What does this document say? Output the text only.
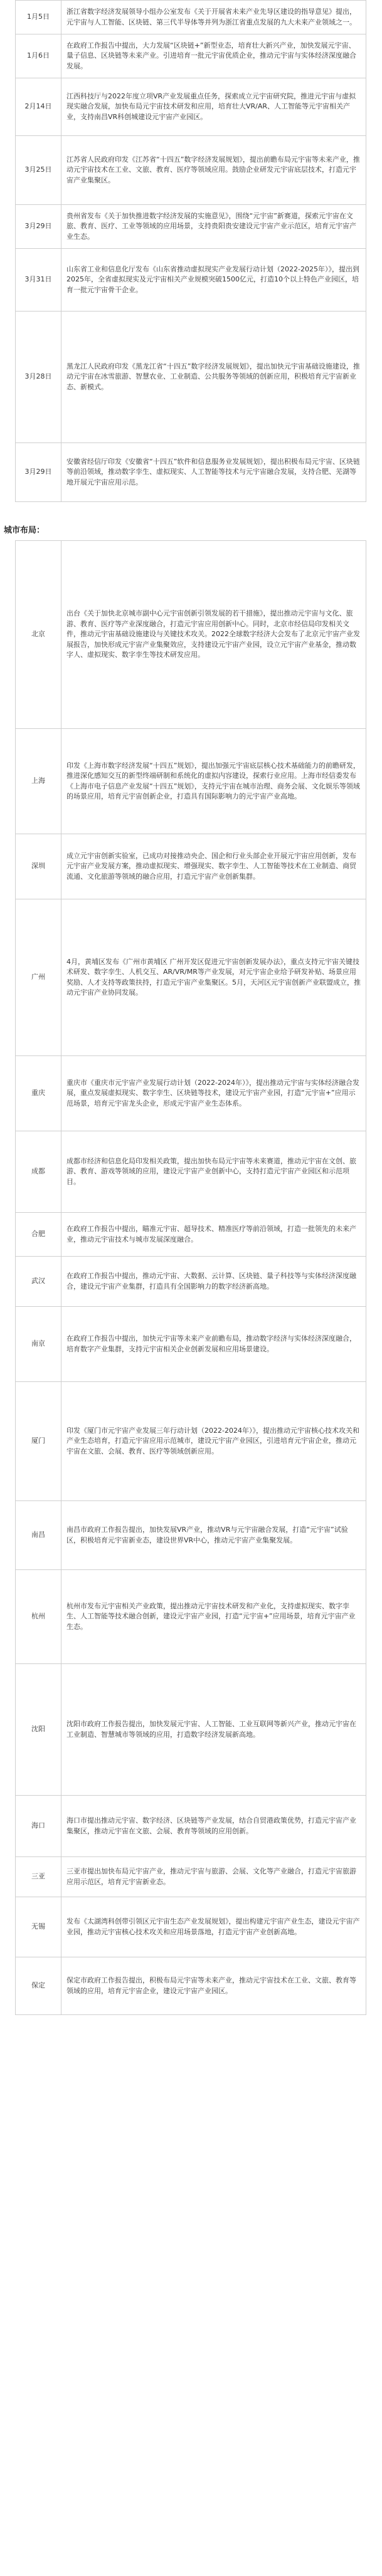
1月5日	浙江省数字经济发展领导小组办公室发布《关于开展省未来产业先导区建设的指导意见》提出，元宇宙与人工智能、区块链、第三代半导体等并列为浙江省重点发展的九大未来产业领域之一。
1月6日	在政府工作报告中提出，大力发展“区块链+”新型业态，培育壮大新兴产业，加快发展元宇宙、量子信息、区块链等未来产业。引进培育一批元宇宙优质企业，推动元宇宙与实体经济深度融合发展。
2月14日	江西科技厅与2022年度立项VR产业发展重点任务，探索成立元宇宙研究院，推进元宇宙与虚拟现实融合发展，加快布局元宇宙技术研发和应用，培育壮大VR/AR、人工智能等元宇宙相关产业，支持南昌VR科创城建设元宇宙产业园区。
3月25日	江苏省人民政府印发《江苏省“十四五”数字经济发展规划》，提出前瞻布局元宇宙等未来产业，推动元宇宙技术在工业、文旅、教育、医疗等领域应用。鼓励企业研发元宇宙底层技术，打造元宇宙产业集聚区。
3月29日	贵州省发布《关于加快推进数字经济发展的实施意见》，围绕“元宇宙”新赛道，探索元宇宙在文旅、教育、医疗、工业等领域的应用场景，支持贵阳贵安建设元宇宙产业示范区，培育元宇宙产业生态。
3月31日	山东省工业和信息化厅发布《山东省推动虚拟现实产业发展行动计划（2022-2025年）》，提出到2025年，全省虚拟现实及元宇宙相关产业规模突破1500亿元，打造10个以上特色产业园区，培育一批元宇宙骨干企业。
3月28日	黑龙江人民政府印发《黑龙江省“十四五”数字经济发展规划》，提出加快元宇宙基础设施建设，推动元宇宙在冰雪旅游、智慧农业、工业制造、公共服务等领域的创新应用，积极培育元宇宙新业态、新模式。
3月29日	安徽省经信厅印发《安徽省“十四五”软件和信息服务业发展规划》，提出积极布局元宇宙、区块链等前沿领域，推动数字孪生、虚拟现实、人工智能等技术与元宇宙融合发展，支持合肥、芜湖等地开展元宇宙应用示范。
城市布局：
北京	出台《关于加快北京城市副中心元宇宙创新引领发展的若干措施》，提出推动元宇宙与文化、旅游、教育、医疗等产业深度融合，打造元宇宙应用创新中心。同时，北京市经信局印发相关文件，推动元宇宙基础设施建设与关键技术攻关。2022全球数字经济大会发布了北京元宇宙产业发展报告，加快形成元宇宙产业集聚效应，支持建设元宇宙产业园，设立元宇宙产业基金，推动数字人、虚拟现实、数字孪生等技术研发应用。
上海	印发《上海市数字经济发展“十四五”规划》，提出加强元宇宙底层核心技术基础能力的前瞻研发，推进深化感知交互的新型终端研制和系统化的虚拟内容建设，探索行业应用。上海市经信委发布《上海市电子信息产业发展“十四五”规划》，支持元宇宙在城市治理、商务会展、文化娱乐等领域的场景应用，培育元宇宙创新企业，打造具有国际影响力的元宇宙产业高地。
深圳	成立元宇宙创新实验室，已成功对接推动央企、国企和行业头部企业开展元宇宙应用创新，发布元宇宙产业发展方案，推动虚拟现实、增强现实、数字孪生、人工智能等技术在工业制造、商贸流通、文化旅游等领域的融合应用，打造元宇宙产业创新集群。
广州	4月，黄埔区发布《广州市黄埔区 广州开发区促进元宇宙创新发展办法》，重点支持元宇宙关键技术研发、数字孪生、人机交互、AR/VR/MR等产业发展，对元宇宙企业给予研发补贴、场景应用奖励、人才支持等政策扶持，打造元宇宙产业集聚区。5月，天河区元宇宙创新产业联盟成立，推动元宇宙产业协同发展。
重庆	重庆市《重庆市元宇宙产业发展行动计划（2022-2024年）》，提出推动元宇宙与实体经济融合发展，重点发展虚拟现实、数字孪生、区块链等技术，建设元宇宙产业园，打造“元宇宙+”应用示范场景，培育元宇宙龙头企业，形成元宇宙产业生态体系。
成都	成都市经济和信息化局印发相关政策，提出加快布局元宇宙等未来赛道，推动元宇宙在文创、旅游、教育、游戏等领域的应用，建设元宇宙产业创新中心，支持打造元宇宙产业园区和示范项目。
合肥	在政府工作报告中提出，瞄准元宇宙、超导技术、精准医疗等前沿领域，打造一批领先的未来产业，推动元宇宙技术与城市发展深度融合。
武汉	在政府工作报告中提出，推动元宇宙、大数据、云计算、区块链、量子科技等与实体经济深度融合，建设元宇宙产业集群，打造具有全国影响力的数字经济新高地。
南京	在政府工作报告中提出，加快元宇宙等未来产业前瞻布局，推动数字经济与实体经济深度融合，培育数字产业集群，支持元宇宙相关企业创新发展和应用场景建设。
厦门	印发《厦门市元宇宙产业发展三年行动计划（2022-2024年）》，提出推动元宇宙核心技术攻关和产业生态培育，打造元宇宙应用示范城市，建设元宇宙产业园区，引进培育元宇宙企业，推动元宇宙在文旅、会展、教育、医疗等领域创新应用。
南昌	南昌市政府工作报告提出，加快发展VR产业，推动VR与元宇宙融合发展，打造“元宇宙”试验区，积极培育元宇宙新业态，建设世界VR中心，推动元宇宙产业集聚发展。
杭州	杭州市发布元宇宙相关产业政策，提出推动元宇宙技术研发和产业化，支持虚拟现实、数字孪生、人工智能等技术融合创新，建设元宇宙产业园，打造“元宇宙+”应用场景，培育元宇宙产业生态。
沈阳	沈阳市政府工作报告提出，加快发展元宇宙、人工智能、工业互联网等新兴产业，推动元宇宙在工业制造、智慧城市等领域的应用，打造数字经济发展新高地。
海口	海口市提出推动元宇宙、数字经济、区块链等产业发展，结合自贸港政策优势，打造元宇宙产业集聚区，推动元宇宙在文旅、会展、教育等领域的应用创新。
三亚	三亚市提出加快布局元宇宙产业，推动元宇宙与旅游、会展、文化等产业融合，打造元宇宙旅游应用示范区，培育元宇宙新业态。
无锡	发布《太湖湾科创带引领区元宇宙生态产业发展规划》，提出构建元宇宙产业生态，建设元宇宙产业园，推动元宇宙核心技术攻关和应用场景落地，打造元宇宙产业创新高地。
保定	保定市政府工作报告提出，积极布局元宇宙等未来产业，推动元宇宙技术在工业、文旅、教育等领域的应用，培育元宇宙企业，建设元宇宙产业园区。
